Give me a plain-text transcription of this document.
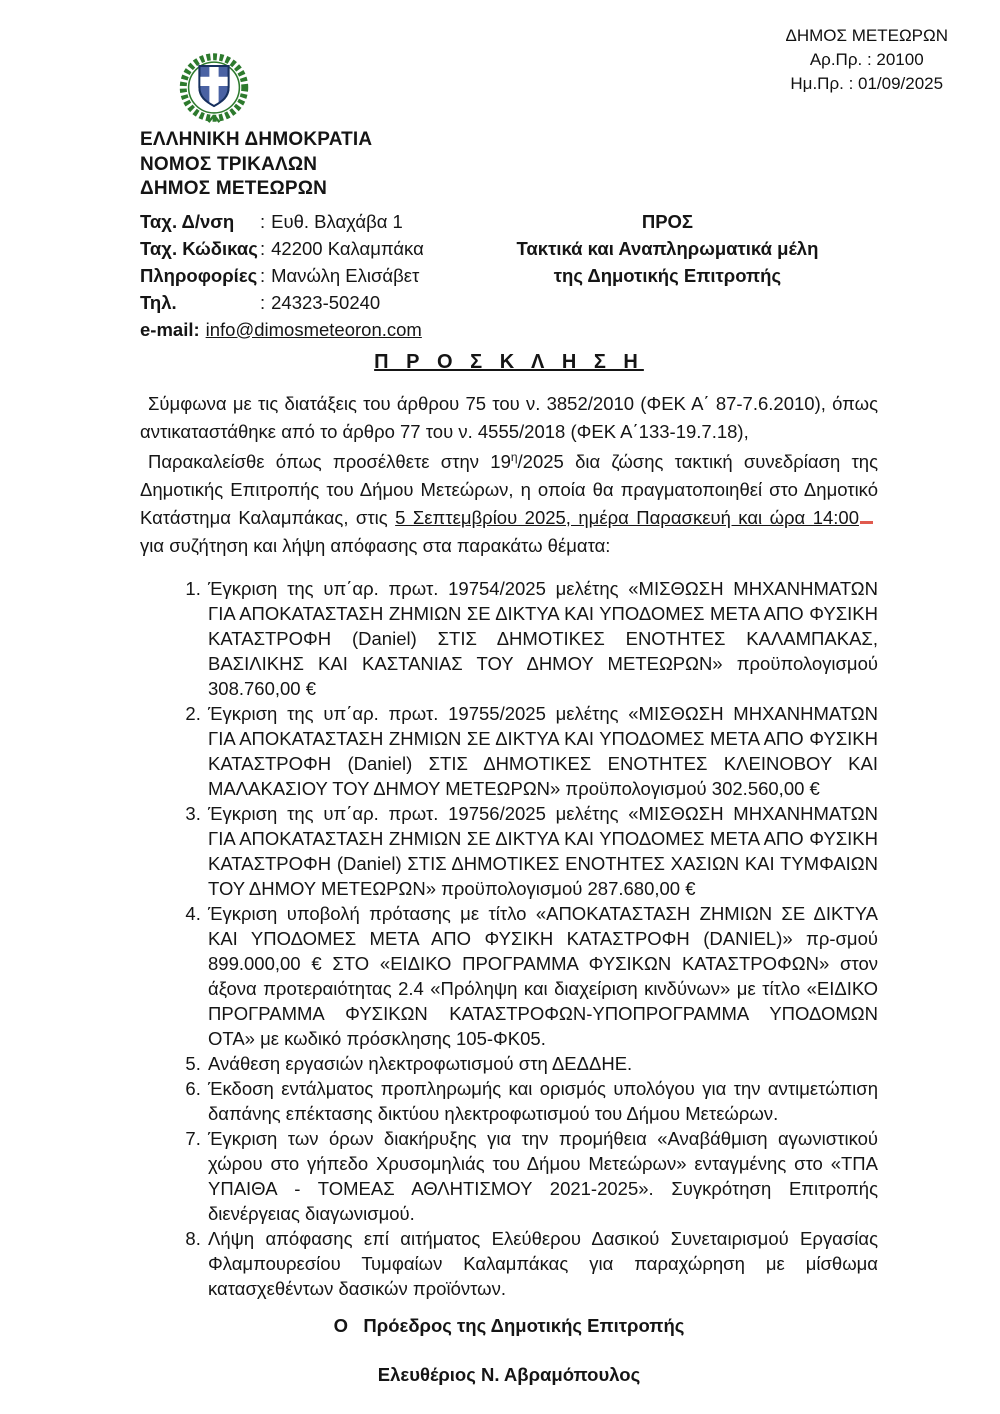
ΔΗΜΟΣ ΜΕΤΕΩΡΩΝ
Αρ.Πρ. : 20100
Ημ.Πρ. : 01/09/2025
ΕΛΛΗΝΙΚΗ ΔΗΜΟΚΡΑΤΙΑ
ΝΟΜΟΣ ΤΡΙΚΑΛΩΝ
ΔΗΜΟΣ ΜΕΤΕΩΡΩΝ
Ταχ. Δ/νση : Ευθ. Βλαχάβα 1
Ταχ. Κώδικας : 42200 Καλαμπάκα
Πληροφορίες : Μανώλη Ελισάβετ
Τηλ.	: 24323-50240
e-mail: info@dimosmeteoron.com
ΠΡΟΣ
Τακτικά και Αναπληρωματικά μέλη
της Δημοτικής Επιτροπής
Π Ρ Ο Σ Κ Λ Η Σ Η

Σύμφωνα με τις διατάξεις του άρθρου 75 του ν. 3852/2010 (ΦΕΚ Α΄ 87-7.6.2010), όπως αντικαταστάθηκε από το άρθρο 77 του ν. 4555/2018 (ΦΕΚ Α΄133-19.7.18),

Παρακαλείσθε όπως προσέλθετε στην $19^\eta/2025$ δια ζώσης τακτική συνεδρίαση της Δημοτικής Επιτροπής του Δήμου Μετεώρων, η οποία θα πραγματοποιηθεί στο Δημοτικό Κατάστημα Καλαμπάκας, στις 5 Σεπτεμβρίου 2025, ημέρα Παρασκευή και ώρα 14:00για συζήτηση και λήψη απόφασης στα παρακάτω θέματα:

1. Έγκριση της υπ΄αρ. πρωτ. 19754/2025 μελέτης «ΜΙΣΘΩΣΗ ΜΗΧΑΝΗΜΑΤΩΝ ΓΙΑ ΑΠΟΚΑΤΑΣΤΑΣΗ ΖΗΜΙΩΝ ΣΕ ΔΙΚΤΥΑ ΚΑΙ ΥΠΟΔΟΜΕΣ ΜΕΤΑ ΑΠΟ ΦΥΣΙΚΗ ΚΑΤΑΣΤΡΟΦΗ (Daniel) ΣΤΙΣ ΔΗΜΟΤΙΚΕΣ ΕΝΟΤΗΤΕΣ ΚΑΛΑΜΠΑΚΑΣ, ΒΑΣΙΛΙΚΗΣ ΚΑΙ ΚΑΣΤΑΝΙΑΣ ΤΟΥ ΔΗΜΟΥ ΜΕΤΕΩΡΩΝ» προϋπολογισμού 308.760,00 €
2. Έγκριση της υπ΄αρ. πρωτ. 19755/2025 μελέτης «ΜΙΣΘΩΣΗ ΜΗΧΑΝΗΜΑΤΩΝ ΓΙΑ ΑΠΟΚΑΤΑΣΤΑΣΗ ΖΗΜΙΩΝ ΣΕ ΔΙΚΤΥΑ ΚΑΙ ΥΠΟΔΟΜΕΣ ΜΕΤΑ ΑΠΟ ΦΥΣΙΚΗ ΚΑΤΑΣΤΡΟΦΗ (Daniel) ΣΤΙΣ ΔΗΜΟΤΙΚΕΣ ΕΝΟΤΗΤΕΣ ΚΛΕΙΝΟΒΟΥ ΚΑΙ ΜΑΛΑΚΑΣΙΟΥ ΤΟΥ ΔΗΜΟΥ ΜΕΤΕΩΡΩΝ» προϋπολογισμού 302.560,00 €
3. Έγκριση της υπ΄αρ. πρωτ. 19756/2025 μελέτης «ΜΙΣΘΩΣΗ ΜΗΧΑΝΗΜΑΤΩΝ ΓΙΑ ΑΠΟΚΑΤΑΣΤΑΣΗ ΖΗΜΙΩΝ ΣΕ ΔΙΚΤΥΑ ΚΑΙ ΥΠΟΔΟΜΕΣ ΜΕΤΑ ΑΠΟ ΦΥΣΙΚΗ ΚΑΤΑΣΤΡΟΦΗ (Daniel) ΣΤΙΣ ΔΗΜΟΤΙΚΕΣ ΕΝΟΤΗΤΕΣ ΧΑΣΙΩΝ ΚΑΙ ΤΥΜΦΑΙΩΝ ΤΟΥ ΔΗΜΟΥ ΜΕΤΕΩΡΩΝ» προϋπολογισμού 287.680,00 €
4. Έγκριση υποβολή πρότασης με τίτλο «ΑΠΟΚΑΤΑΣΤΑΣΗ ΖΗΜΙΩΝ ΣΕ ΔΙΚΤΥΑ ΚΑΙ ΥΠΟΔΟΜΕΣ ΜΕΤΑ ΑΠΟ ΦΥΣΙΚΗ ΚΑΤΑΣΤΡΟΦΗ (DANIEL)» πρ-σμού 899.000,00 € ΣΤΟ «ΕΙΔΙΚΟ ΠΡΟΓΡΑΜΜΑ ΦΥΣΙΚΩΝ ΚΑΤΑΣΤΡΟΦΩΝ» στον άξονα προτεραιότητας 2.4 «Πρόληψη και διαχείριση κινδύνων» με τίτλο «ΕΙΔΙΚΟ ΠΡΟΓΡΑΜΜΑ ΦΥΣΙΚΩΝ ΚΑΤΑΣΤΡΟΦΩΝ-ΥΠΟΠΡΟΓΡΑΜΜΑ ΥΠΟΔΟΜΩΝ ΟΤΑ» με κωδικό πρόσκλησης 105-ΦΚ05.
5. Ανάθεση εργασιών ηλεκτροφωτισμού στη ΔΕΔΔΗΕ.
6. Έκδοση εντάλματος προπληρωμής και ορισμός υπολόγου για την αντιμετώπιση δαπάνης επέκτασης δικτύου ηλεκτροφωτισμού του Δήμου Μετεώρων.
7. Έγκριση των όρων διακήρυξης για την προμήθεια «Αναβάθμιση αγωνιστικού χώρου στο γήπεδο Χρυσομηλιάς του Δήμου Μετεώρων» ενταγμένης στο «ΤΠΑ ΥΠΑΙΘΑ - ΤΟΜΕΑΣ ΑΘΛΗΤΙΣΜΟΥ 2021-2025». Συγκρότηση Επιτροπής διενέργειας διαγωνισμού.
8. Λήψη απόφασης επί αιτήματος Ελεύθερου Δασικού Συνεταιρισμού Εργασίας Φλαμπουρεσίου Τυμφαίων Καλαμπάκας για παραχώρηση με μίσθωμα κατασχεθέντων δασικών προϊόντων.
Ο   Πρόεδρος της Δημοτικής Επιτροπής
Ελευθέριος Ν. Αβραμόπουλος
